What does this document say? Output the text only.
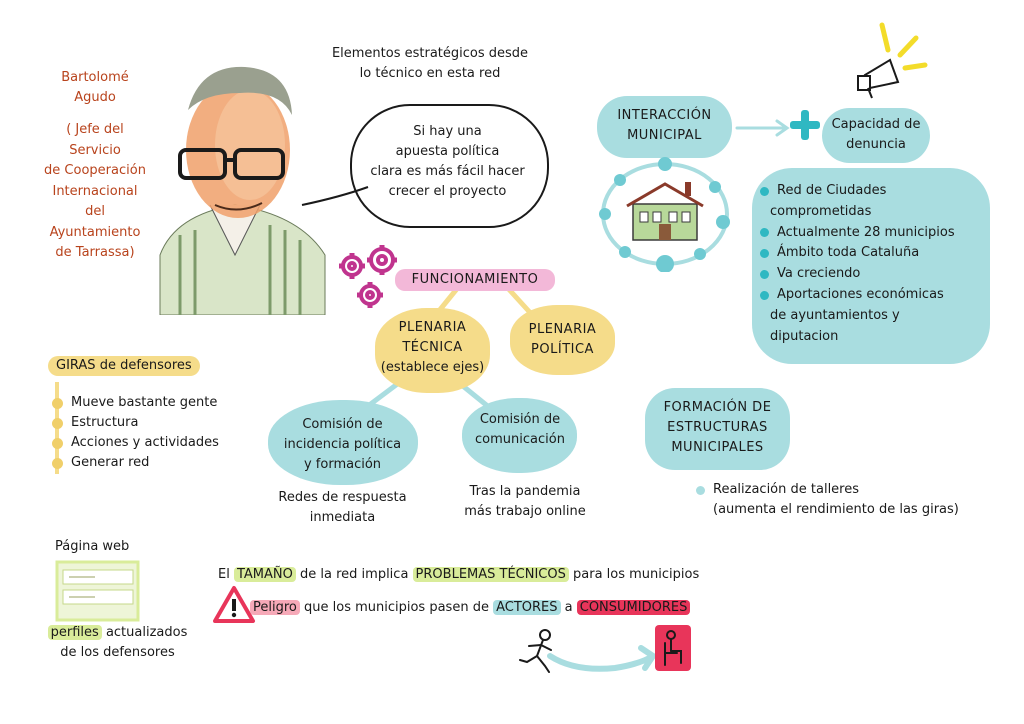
Bartolomé
Agudo
( Jefe del
Servicio
de Cooperación
Internacional
del
Ayuntamiento
de Tarrassa)
Elementos estratégicos desde
lo técnico en esta red
Si hay una
apuesta política
clara es más fácil hacer
crecer el proyecto
FUNCIONAMIENTO
PLENARIA
TÉCNICA
(establece ejes)
PLENARIA
POLÍTICA
Comisión de
incidencia política
y formación
Comisión de
comunicación
Redes de respuesta
inmediata
Tras la pandemia
más trabajo online
GIRAS de defensores
Mueve bastante gente
Estructura
Acciones y actividades
Generar red
INTERACCIÓN
MUNICIPAL
Capacidad de
denuncia
Red de Ciudades
comprometidas
Actualmente 28 municipios
Ámbito toda Cataluña
Va creciendo
Aportaciones económicas
de ayuntamientos y
diputacion
FORMACIÓN DE
ESTRUCTURAS
MUNICIPALES
Realización de talleres
(aumenta el rendimiento de las giras)
Página web
perfiles actualizados
de los defensores
El TAMAÑO de la red implica PROBLEMAS TÉCNICOS para los municipios
Peligro que los municipios pasen de ACTORES a CONSUMIDORES
